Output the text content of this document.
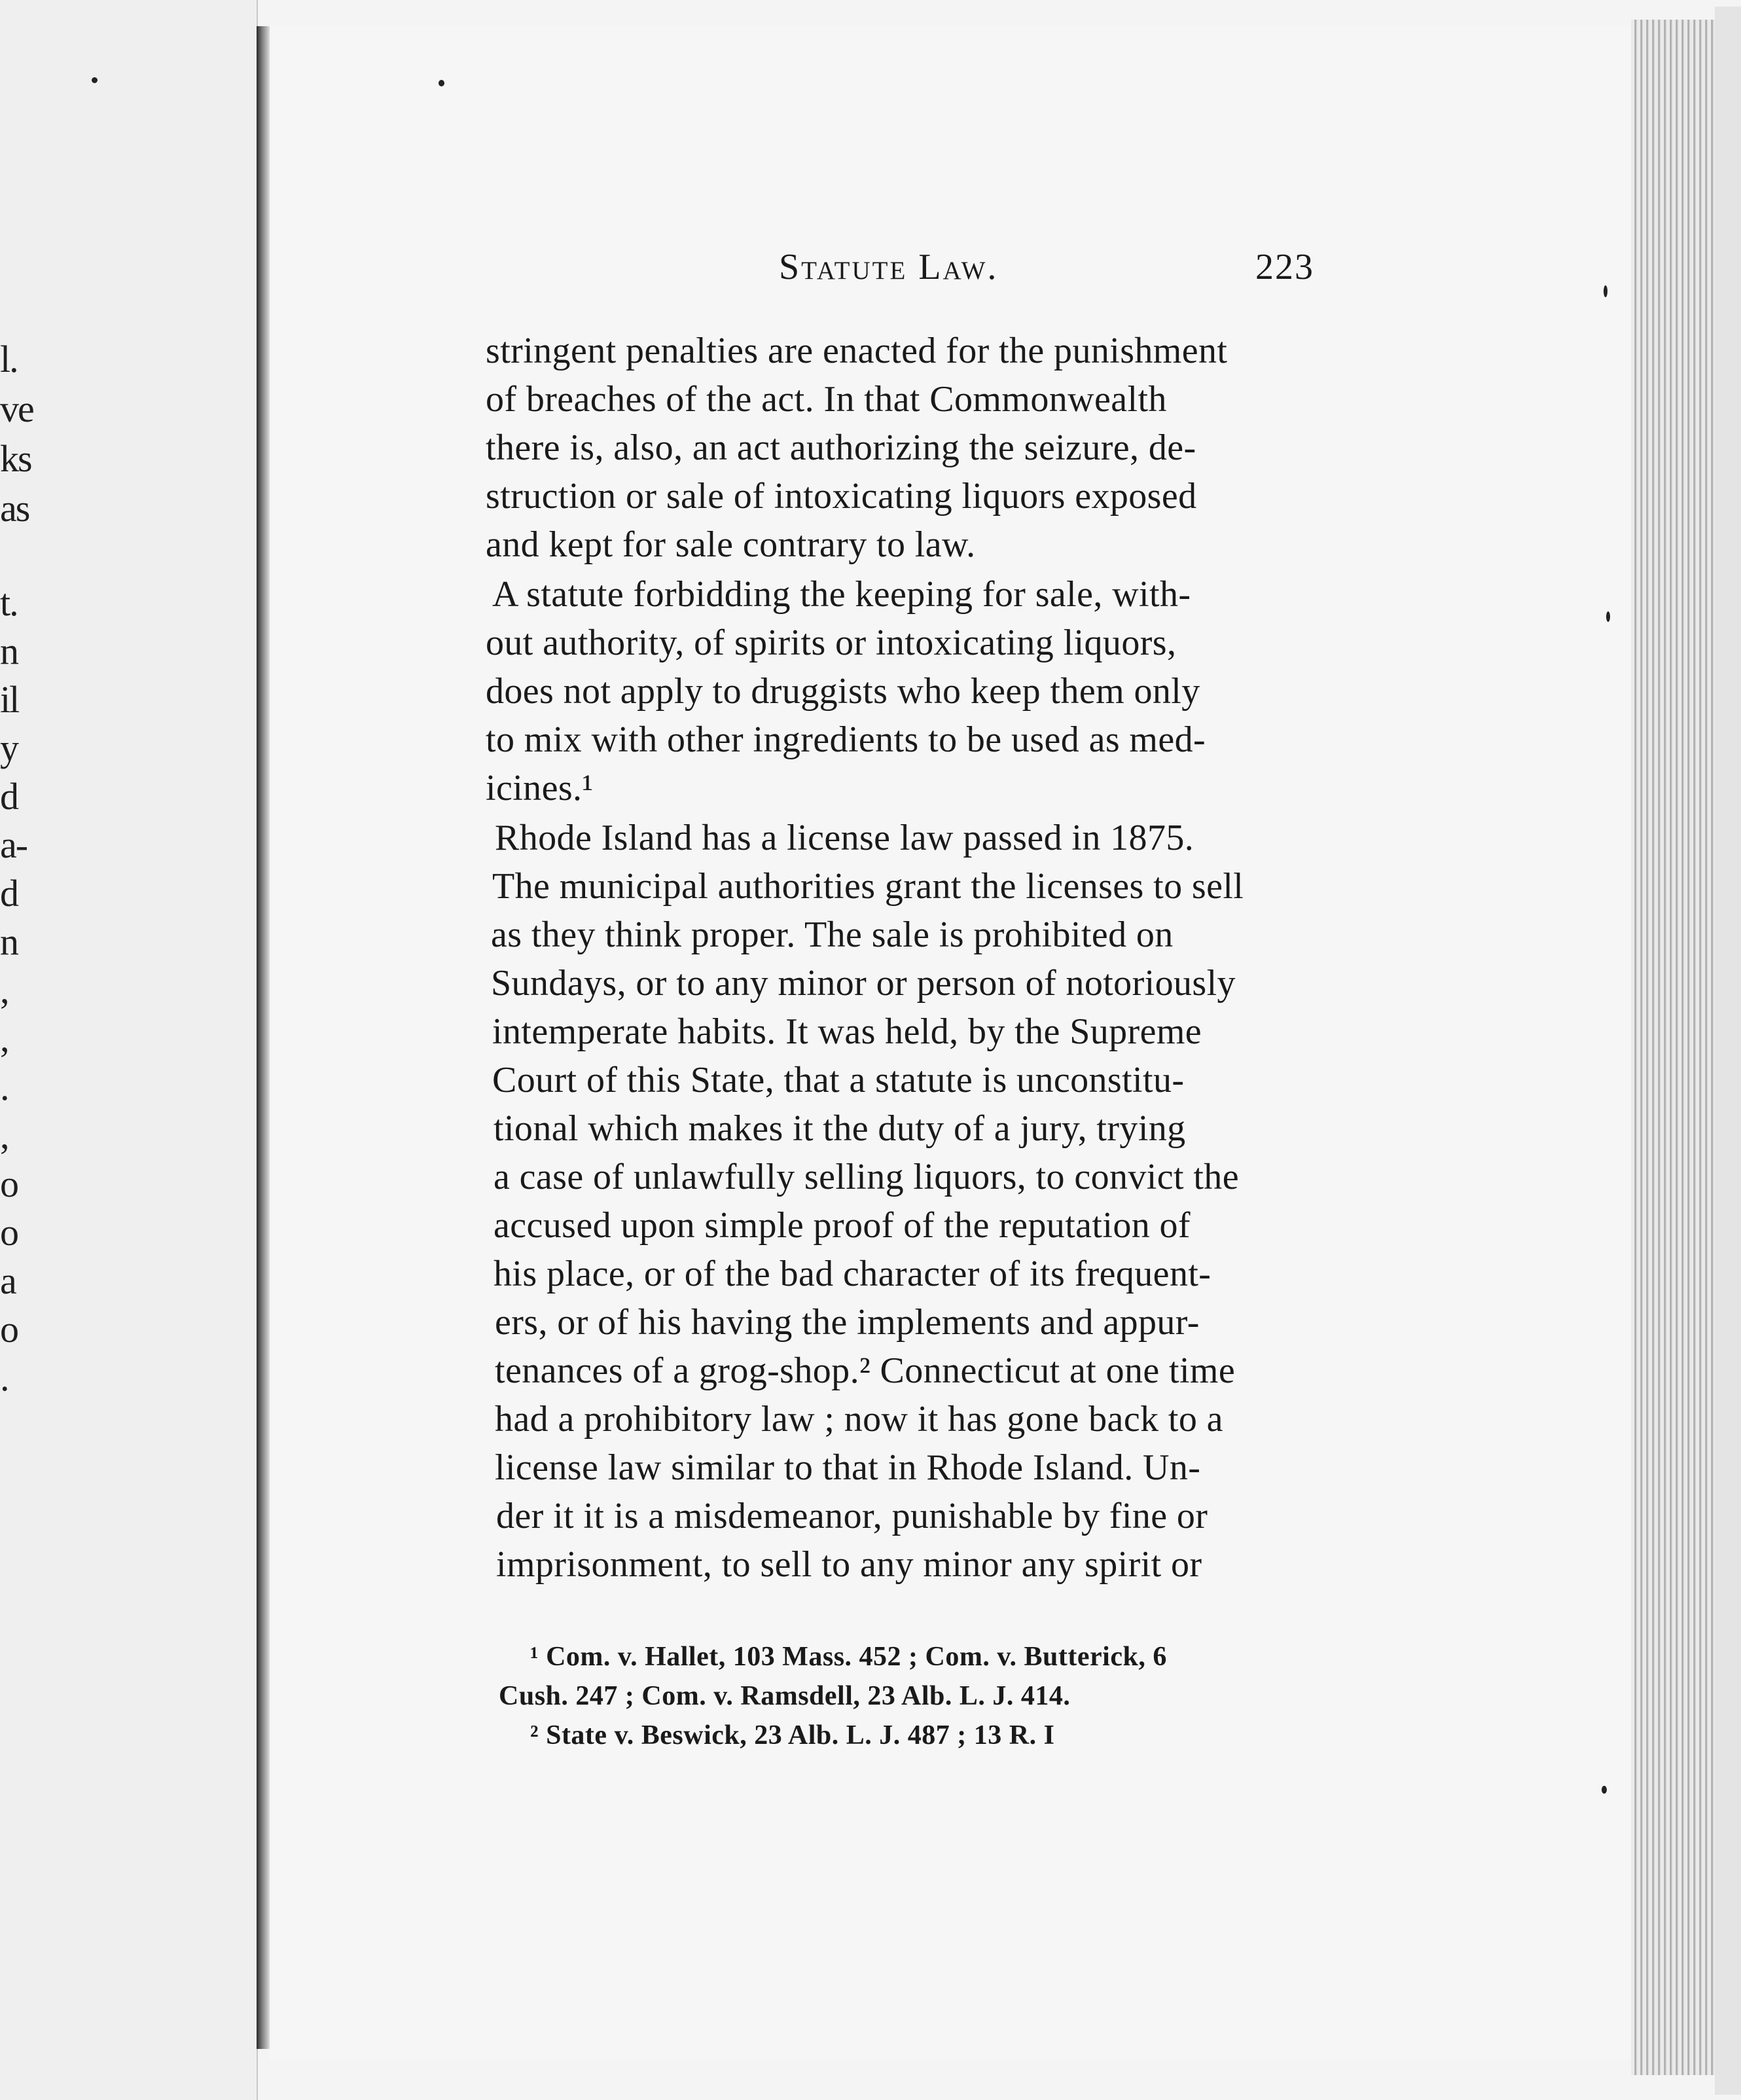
l.
ve
ks
as
t.
n
il
y
d
a-
d
n
,
,
.
,
o
o
a
o
.
Statute Law.	223
stringent penalties are enacted for the punishment
of breaches of the act. In that Commonwealth
there is, also, an act authorizing the seizure, de-
struction or sale of intoxicating liquors exposed
and kept for sale contrary to law.
A statute forbidding the keeping for sale, with-
out authority, of spirits or intoxicating liquors,
does not apply to druggists who keep them only
to mix with other ingredients to be used as med-
icines.¹
Rhode Island has a license law passed in 1875.
The municipal authorities grant the licenses to sell
as they think proper. The sale is prohibited on
Sundays, or to any minor or person of notoriously
intemperate habits. It was held, by the Supreme
Court of this State, that a statute is unconstitu-
tional which makes it the duty of a jury, trying
a case of unlawfully selling liquors, to convict the
accused upon simple proof of the reputation of
his place, or of the bad character of its frequent-
ers, or of his having the implements and appur-
tenances of a grog-shop.² Connecticut at one time
had a prohibitory law ; now it has gone back to a
license law similar to that in Rhode Island. Un-
der it it is a misdemeanor, punishable by fine or
imprisonment, to sell to any minor any spirit or
¹ Com. v. Hallet, 103 Mass. 452 ; Com. v. Butterick, 6
Cush. 247 ; Com. v. Ramsdell, 23 Alb. L. J. 414.
² State v. Beswick, 23 Alb. L. J. 487 ; 13 R. I
